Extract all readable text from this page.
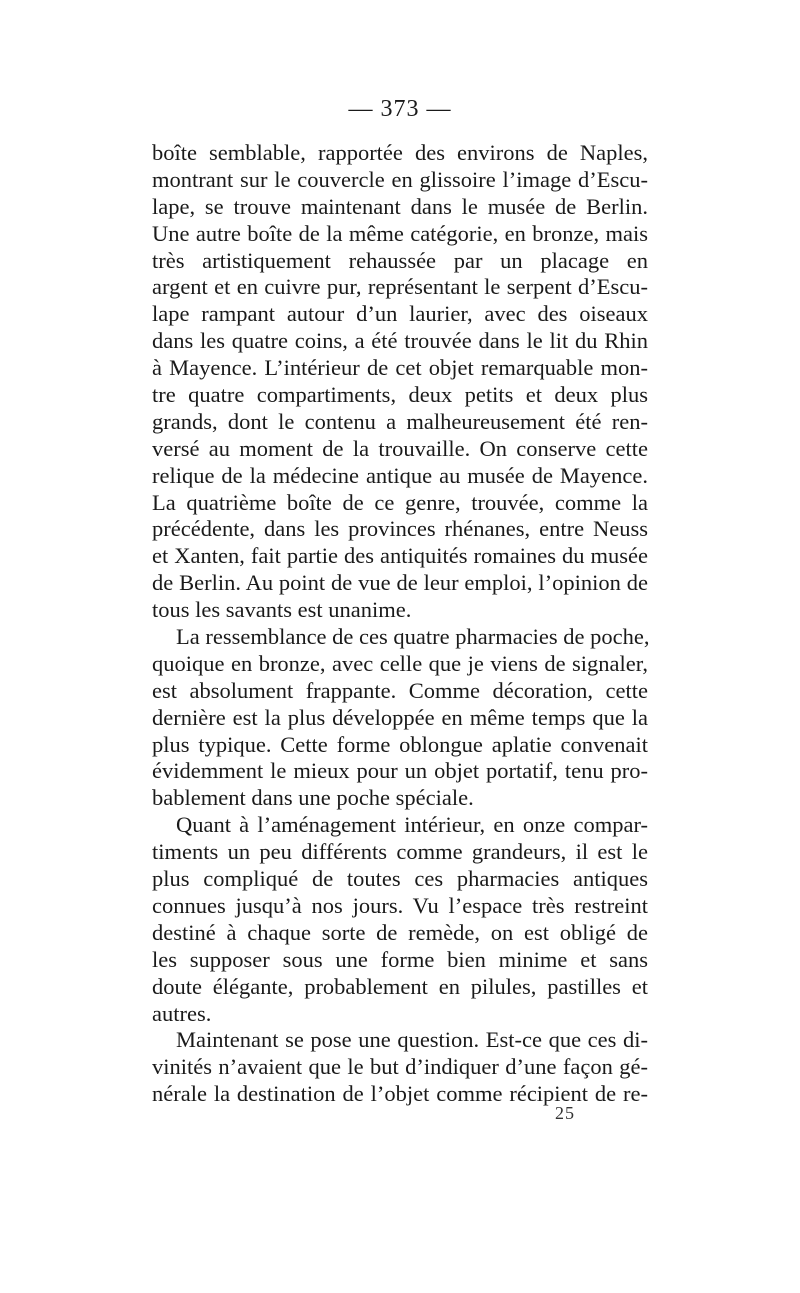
— 373 —
boîte semblable, rapportée des environs de Naples,
montrant sur le couvercle en glissoire l’image d’Escu-
lape, se trouve maintenant dans le musée de Berlin.
Une autre boîte de la même catégorie, en bronze, mais
très artistiquement rehaussée par un placage en
argent et en cuivre pur, représentant le serpent d’Escu-
lape rampant autour d’un laurier, avec des oiseaux
dans les quatre coins, a été trouvée dans le lit du Rhin
à Mayence. L’intérieur de cet objet remarquable mon-
tre quatre compartiments, deux petits et deux plus
grands, dont le contenu a malheureusement été ren-
versé au moment de la trouvaille. On conserve cette
relique de la médecine antique au musée de Mayence.
La quatrième boîte de ce genre, trouvée, comme la
précédente, dans les provinces rhénanes, entre Neuss
et Xanten, fait partie des antiquités romaines du musée
de Berlin. Au point de vue de leur emploi, l’opinion de
tous les savants est unanime.
La ressemblance de ces quatre pharmacies de poche,
quoique en bronze, avec celle que je viens de signaler,
est absolument frappante. Comme décoration, cette
dernière est la plus développée en même temps que la
plus typique. Cette forme oblongue aplatie convenait
évidemment le mieux pour un objet portatif, tenu pro-
bablement dans une poche spéciale.
Quant à l’aménagement intérieur, en onze compar-
timents un peu différents comme grandeurs, il est le
plus compliqué de toutes ces pharmacies antiques
connues jusqu’à nos jours. Vu l’espace très restreint
destiné à chaque sorte de remède, on est obligé de
les supposer sous une forme bien minime et sans
doute élégante, probablement en pilules, pastilles et
autres.
Maintenant se pose une question. Est-ce que ces di-
vinités n’avaient que le but d’indiquer d’une façon gé-
nérale la destination de l’objet comme récipient de re-
25
